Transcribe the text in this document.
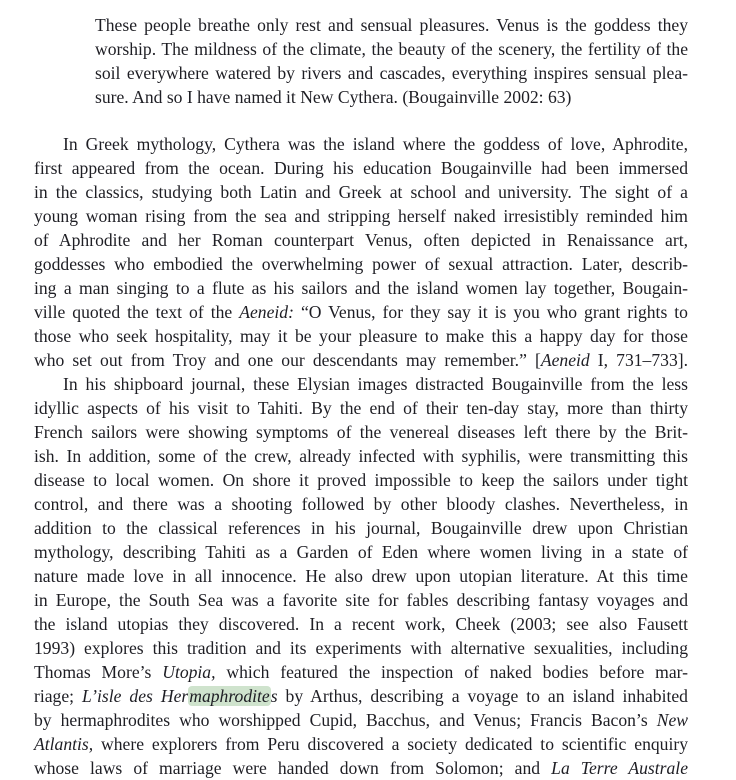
These people breathe only rest and sensual pleasures. Venus is the goddess they
worship. The mildness of the climate, the beauty of the scenery, the fertility of the
soil everywhere watered by rivers and cascades, everything inspires sensual plea-
sure. And so I have named it New Cythera. (Bougainville 2002: 63)
In Greek mythology, Cythera was the island where the goddess of love, Aphrodite,
first appeared from the ocean. During his education Bougainville had been immersed
in the classics, studying both Latin and Greek at school and university. The sight of a
young woman rising from the sea and stripping herself naked irresistibly reminded him
of Aphrodite and her Roman counterpart Venus, often depicted in Renaissance art,
goddesses who embodied the overwhelming power of sexual attraction. Later, describ-
ing a man singing to a flute as his sailors and the island women lay together, Bougain-
ville quoted the text of the Aeneid: “O Venus, for they say it is you who grant rights to
those who seek hospitality, may it be your pleasure to make this a happy day for those
who set out from Troy and one our descendants may remember.” [Aeneid I, 731–733].
In his shipboard journal, these Elysian images distracted Bougainville from the less
idyllic aspects of his visit to Tahiti. By the end of their ten-day stay, more than thirty
French sailors were showing symptoms of the venereal diseases left there by the Brit-
ish. In addition, some of the crew, already infected with syphilis, were transmitting this
disease to local women. On shore it proved impossible to keep the sailors under tight
control, and there was a shooting followed by other bloody clashes. Nevertheless, in
addition to the classical references in his journal, Bougainville drew upon Christian
mythology, describing Tahiti as a Garden of Eden where women living in a state of
nature made love in all innocence. He also drew upon utopian literature. At this time
in Europe, the South Sea was a favorite site for fables describing fantasy voyages and
the island utopias they discovered. In a recent work, Cheek (2003; see also Fausett
1993) explores this tradition and its experiments with alternative sexualities, including
Thomas More’s Utopia, which featured the inspection of naked bodies before mar-
riage; L’isle des Hermaphrodites by Arthus, describing a voyage to an island inhabited
by hermaphrodites who worshipped Cupid, Bacchus, and Venus; Francis Bacon’s New
Atlantis, where explorers from Peru discovered a society dedicated to scientific enquiry
whose laws of marriage were handed down from Solomon; and La Terre Australe
